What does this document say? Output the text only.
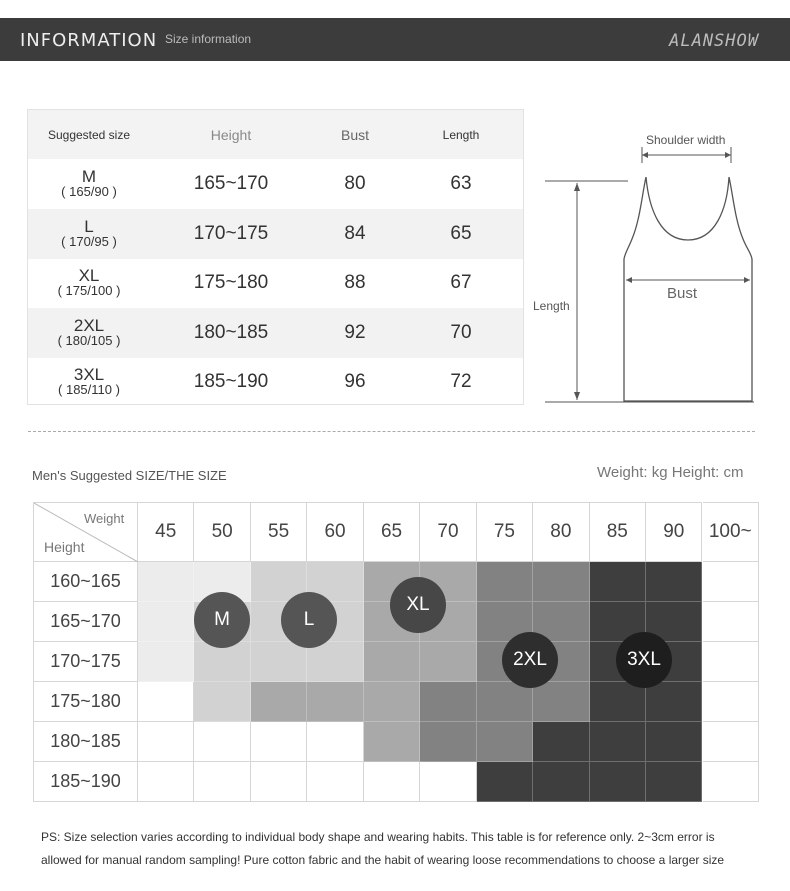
INFORMATION Size information	ALANSHOW
Suggested size	Height	Bust	Length
M
( 165/90 )	165~170	80	63
L
( 170/95 )	170~175	84	65
XL
( 175/100 )	175~180	88	67
2XL
( 180/105 )	180~185	92	70
3XL
( 185/110 )	185~190	96	72
Shoulder width
Length
Bust
Men's Suggested SIZE/THE SIZE	Weight: kg Height: cm
Weight
Height
45	50	55	60	65	70	75	80	85	90	100~
160~165
165~170
170~175
175~180
180~185
185~190
M	L
XL
2XL	3XL
PS: Size selection varies according to individual body shape and wearing habits. This table is for reference only. 2~3cm error is allowed for manual random sampling! Pure cotton fabric and the habit of wearing loose recommendations to choose a larger size
